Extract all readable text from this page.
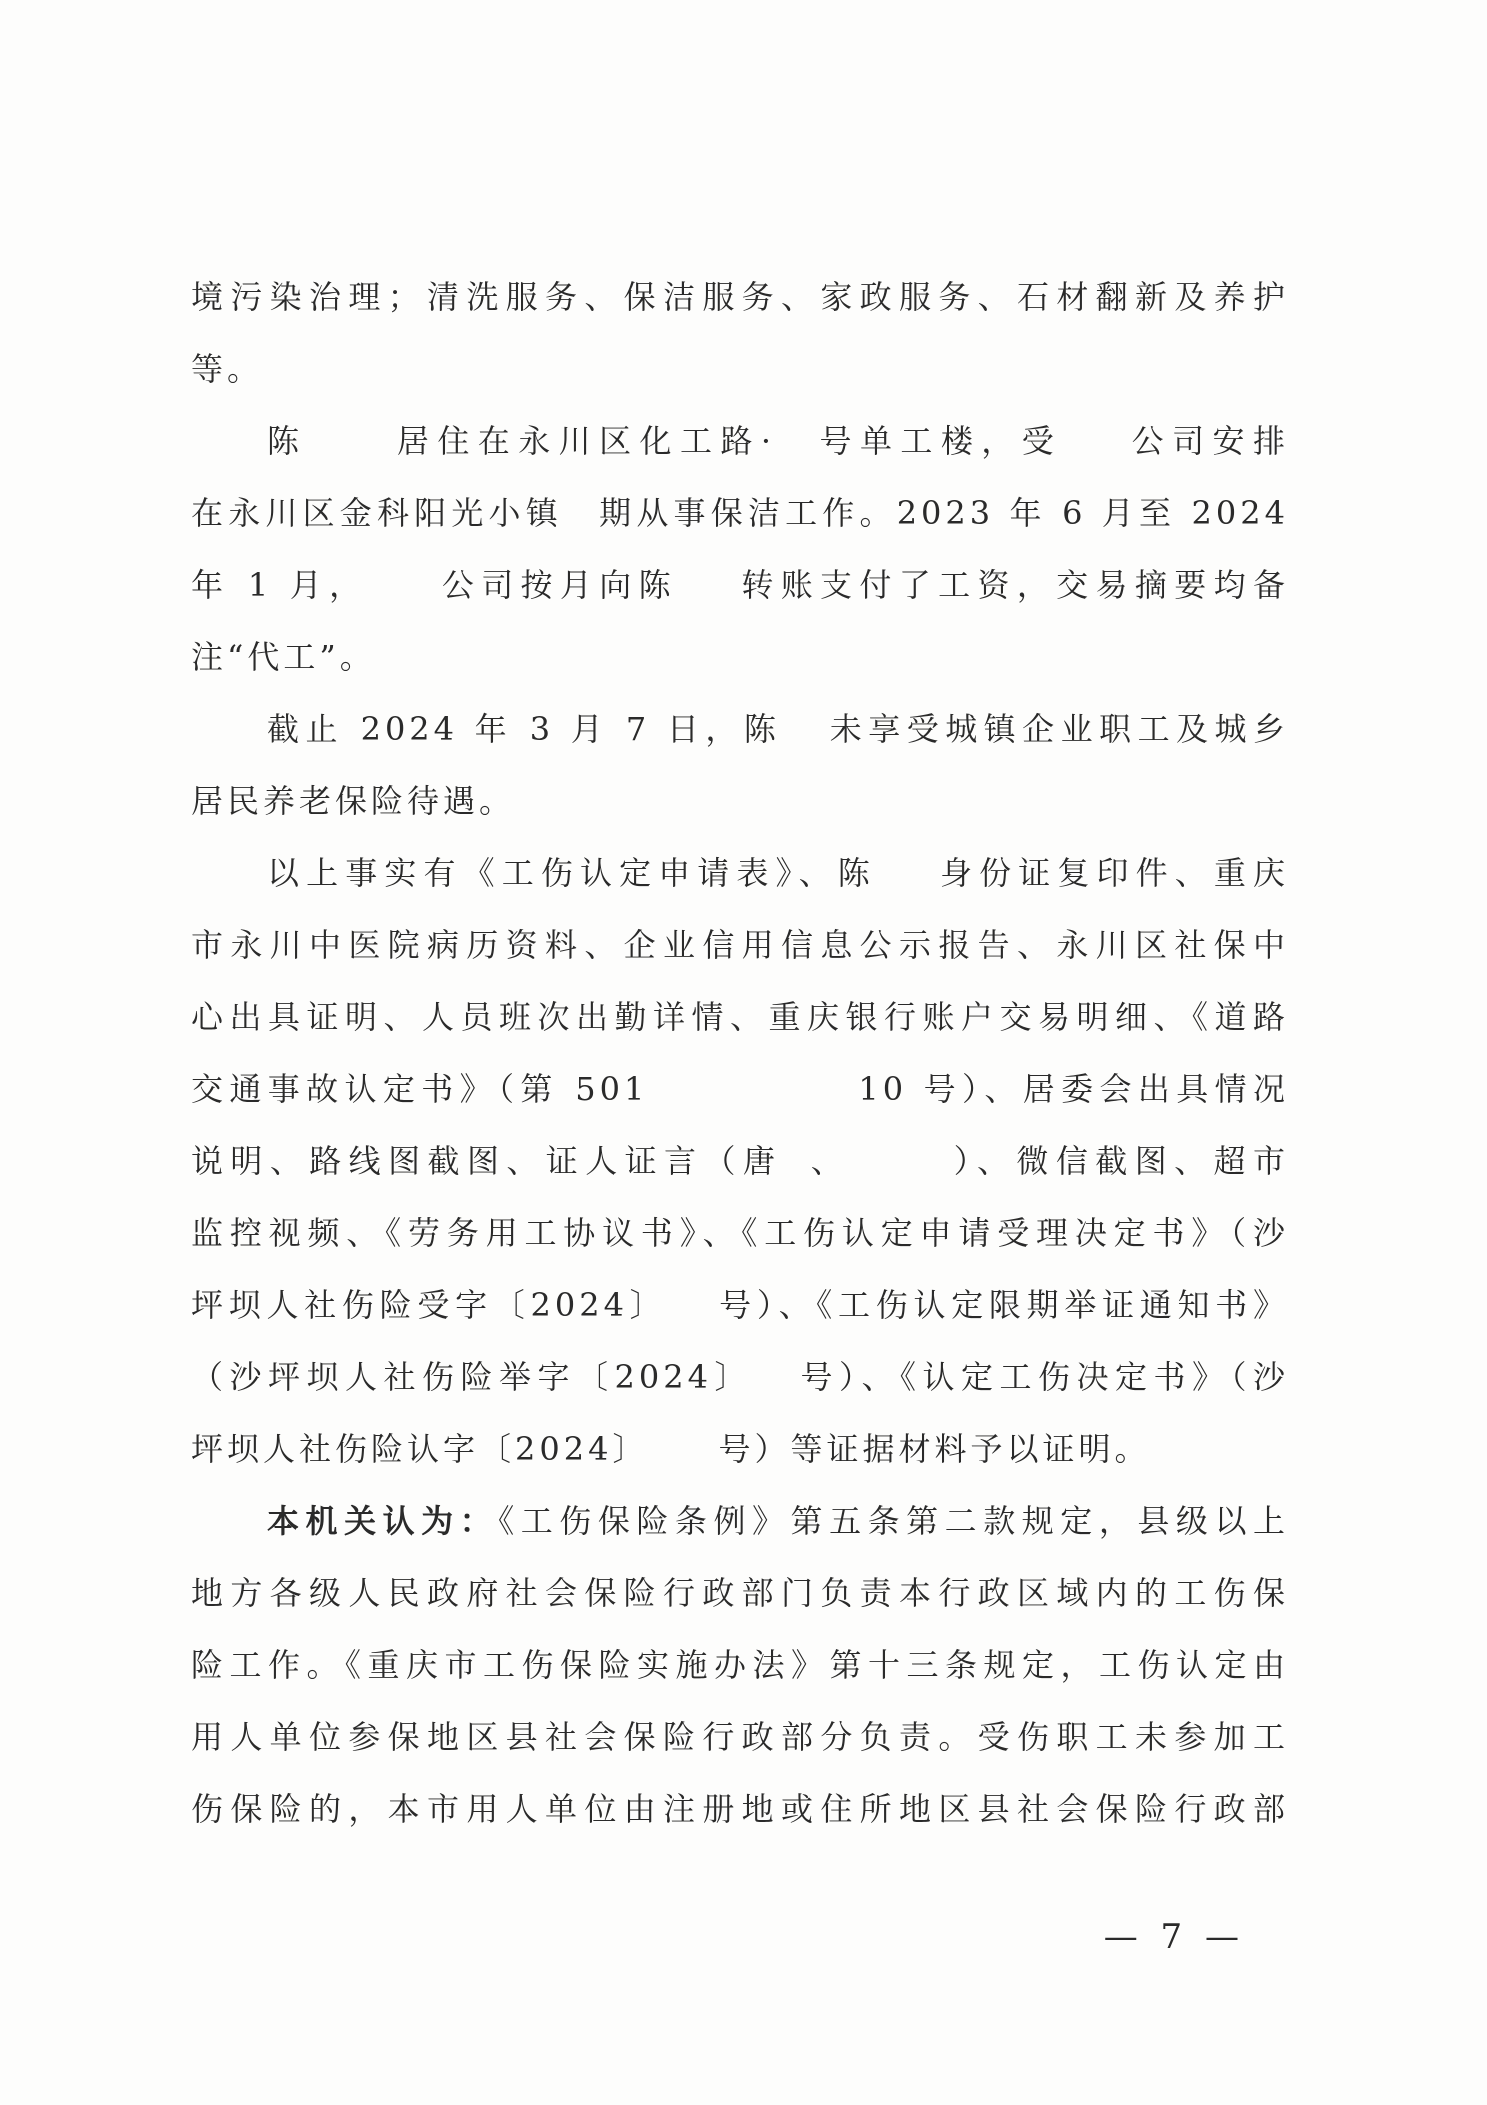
境污染治理；清洗服务、保洁服务、家政服务、石材翻新及养护
等。
陈	居住在永川区化工路· 号单工楼，受 公司安排
在永川区金科阳光小镇 期从事保洁工作。2023 年 6 月至 2024
年 1 月， 公司按月向陈 转账支付了工资，交易摘要均备
注“代工”。
截止 2024 年 3 月 7 日，陈 未享受城镇企业职工及城乡
居民养老保险待遇。
以上事实有《工伤认定申请表》、陈 身份证复印件、重庆
市永川中医院病历资料、企业信用信息公示报告、永川区社保中
心出具证明、人员班次出勤详情、重庆银行账户交易明细、《道路
交通事故认定书》（第 501	10 号）、居委会出具情况
说明、路线图截图、证人证言（唐 、	）、微信截图、超市
监控视频、《劳务用工协议书》、《工伤认定申请受理决定书》（沙
坪坝人社伤险受字〔2024〕 号）、《工伤认定限期举证通知书》
（沙坪坝人社伤险举字〔2024〕 号）、《认定工伤决定书》（沙
坪坝人社伤险认字〔2024〕 号）等证据材料予以证明。
本机关认为：《工伤保险条例》第五条第二款规定，县级以上
地方各级人民政府社会保险行政部门负责本行政区域内的工伤保
险工作。《重庆市工伤保险实施办法》第十三条规定，工伤认定由
用人单位参保地区县社会保险行政部分负责。受伤职工未参加工
伤保险的，本市用人单位由注册地或住所地区县社会保险行政部
— 7 —
